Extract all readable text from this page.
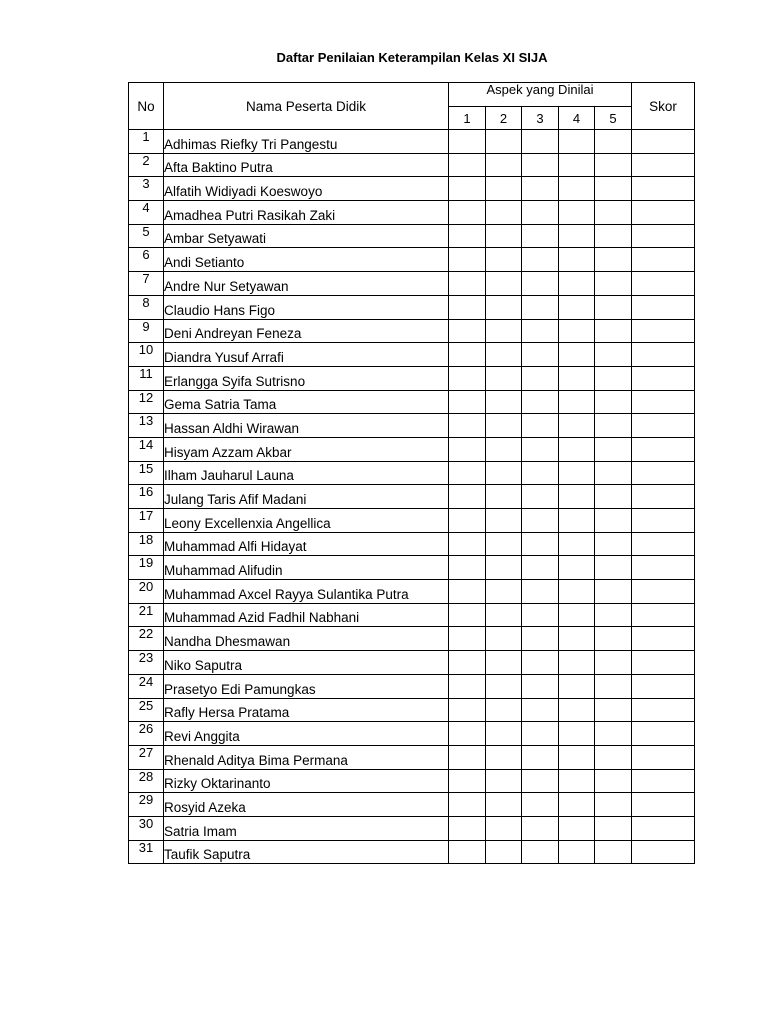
Daftar Penilaian Keterampilan Kelas XI SIJA
No	Nama Peserta Didik	Aspek yang Dinilai					Skor
		1	2	3	4	5	
1	Adhimas Riefky Tri Pangestu						
2	Afta Baktino Putra						
3	Alfatih Widiyadi Koeswoyo						
4	Amadhea Putri Rasikah Zaki						
5	Ambar Setyawati						
6	Andi Setianto						
7	Andre Nur Setyawan						
8	Claudio Hans Figo						
9	Deni Andreyan Feneza						
10	Diandra Yusuf Arrafi						
11	Erlangga Syifa Sutrisno						
12	Gema Satria Tama						
13	Hassan Aldhi Wirawan						
14	Hisyam Azzam Akbar						
15	Ilham Jauharul Launa						
16	Julang Taris Afif Madani						
17	Leony Excellenxia Angellica						
18	Muhammad Alfi Hidayat						
19	Muhammad Alifudin						
20	Muhammad Axcel Rayya Sulantika Putra						
21	Muhammad Azid Fadhil Nabhani						
22	Nandha Dhesmawan						
23	Niko Saputra						
24	Prasetyo Edi Pamungkas						
25	Rafly Hersa Pratama						
26	Revi Anggita						
27	Rhenald Aditya Bima Permana						
28	Rizky Oktarinanto						
29	Rosyid Azeka						
30	Satria Imam						
31	Taufik Saputra						
